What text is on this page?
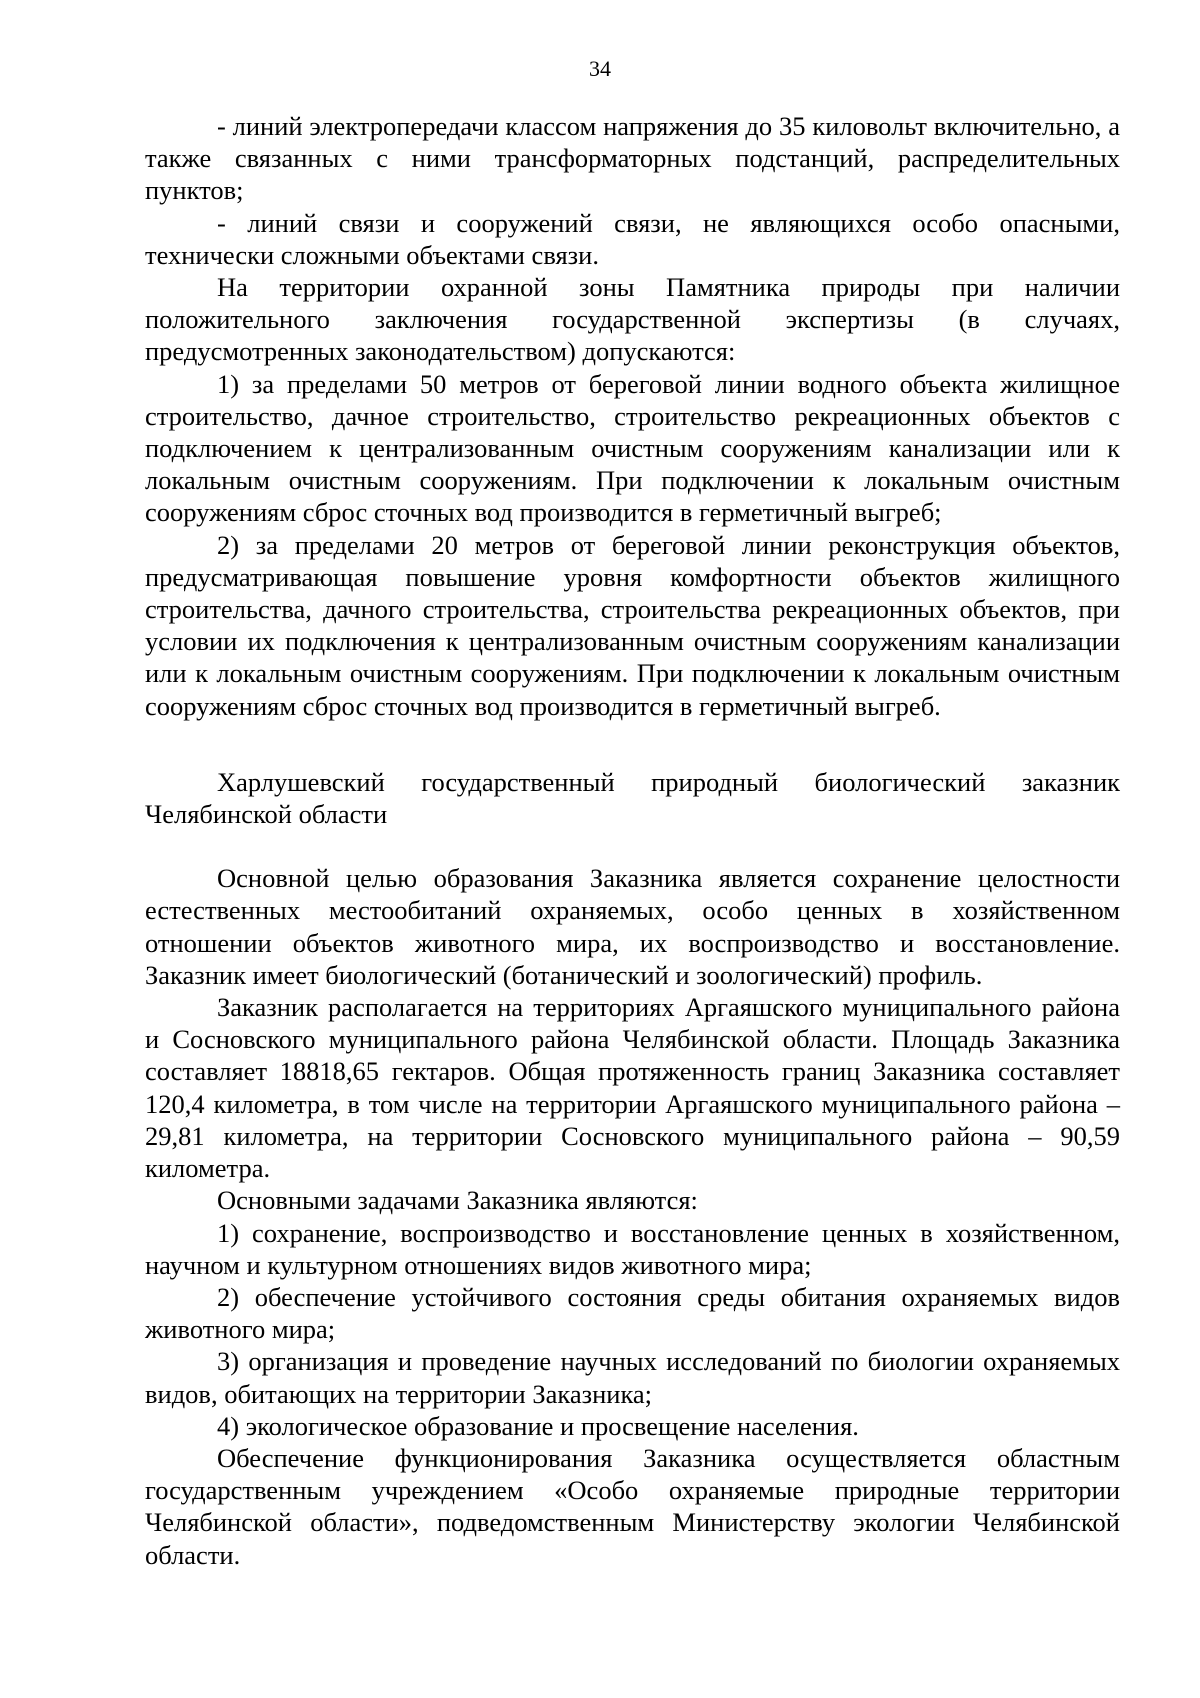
34

- линий электропередачи классом напряжения до 35 киловольт включительно, а также связанных с ними трансформаторных подстанций, распределительных пунктов;

- линий связи и сооружений связи, не являющихся особо опасными, технически сложными объектами связи.

На территории охранной зоны Памятника природы при наличии положительного заключения государственной экспертизы (в случаях, предусмотренных законодательством) допускаются:

1) за пределами 50 метров от береговой линии водного объекта жилищное строительство, дачное строительство, строительство рекреационных объектов с подключением к централизованным очистным сооружениям канализации или к локальным очистным сооружениям. При подключении к локальным очистным сооружениям сброс сточных вод производится в герметичный выгреб;

2) за пределами 20 метров от береговой линии реконструкция объектов, предусматривающая повышение уровня комфортности объектов жилищного строительства, дачного строительства, строительства рекреационных объектов, при условии их подключения к централизованным очистным сооружениям канализации или к локальным очистным сооружениям. При подключении к локальным очистным сооружениям сброс сточных вод производится в герметичный выгреб.

Харлушевский государственный природный биологический заказник Челябинской области

Основной целью образования Заказника является сохранение целостности естественных местообитаний охраняемых, особо ценных в хозяйственном отношении объектов животного мира, их воспроизводство и восстановление. Заказник имеет биологический (ботанический и зоологический) профиль.

Заказник располагается на территориях Аргаяшского муниципального района и Сосновского муниципального района Челябинской области. Площадь Заказника составляет 18818,65 гектаров. Общая протяженность границ Заказника составляет 120,4 километра, в том числе на территории Аргаяшского муниципального района – 29,81 километра, на территории Сосновского муниципального района – 90,59 километра.

Основными задачами Заказника являются:

1) сохранение, воспроизводство и восстановление ценных в хозяйственном, научном и культурном отношениях видов животного мира;

2) обеспечение устойчивого состояния среды обитания охраняемых видов животного мира;

3) организация и проведение научных исследований по биологии охраняемых видов, обитающих на территории Заказника;

4) экологическое образование и просвещение населения.

Обеспечение функционирования Заказника осуществляется областным государственным учреждением «Особо охраняемые природные территории Челябинской области», подведомственным Министерству экологии Челябинской области.
